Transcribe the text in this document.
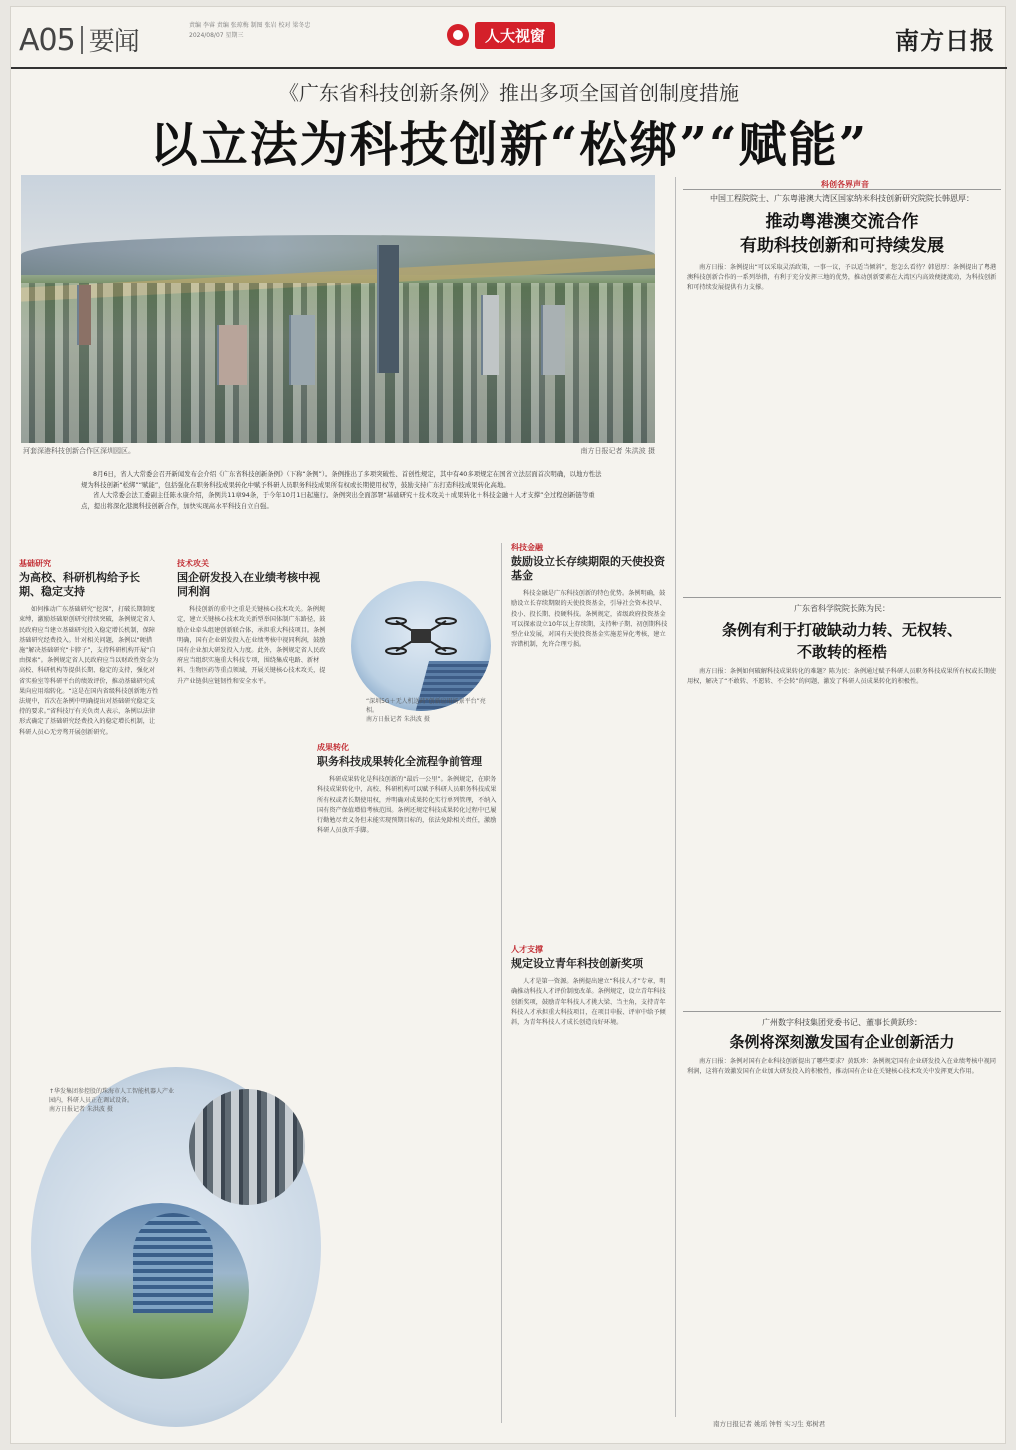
A05 要闻
责编 李睿 责编 张琼梅 制图 张岩 校对 梁冬忠
2024/08/07 星期三	人大视窗	南方日报
《广东省科技创新条例》推出多项全国首创制度措施
以立法为科技创新“松绑”“赋能”
河套深港科技创新合作区深圳园区。	南方日报记者 朱洪波 摄

8月6日，省人大常委会召开新闻发布会介绍《广东省科技创新条例》（下称“条例”）。条例推出了多项突破性、首创性规定，其中有40多项规定在国省立法层面首次明确，以地方性法规为科技创新“松绑”“赋能”，包括强化在职务科技成果转化中赋予科研人员职务科技成果所有权或长期使用权等，鼓励支持广东打造科技成果转化高地。

省人大常委会法工委副主任陈永康介绍，条例共11章94条，于今年10月1日起施行。条例突出全面部署“基础研究＋技术攻关＋成果转化＋科技金融＋人才支撑”全过程创新链等重点，提出将深化港澳科技创新合作，加快实现高水平科技自立自强。

基础研究
为高校、科研机构给予长期、稳定支持

如何推动广东基础研究“挖深”，打破长期制度束缚，激励基础原创研究持续突破，条例规定省人民政府应当建立基础研究投入稳定增长机制，保障基础研究经费投入。针对相关问题，条例以“硬措施”解决基础研究“卡脖子”，支持科研机构开展“自由探索”。条例规定省人民政府应当以财政性资金为高校、科研机构等提供长期、稳定的支持，强化对省实验室等科研平台的绩效评价，推动基础研究成果向应用端转化。“这是在国内省级科技创新地方性法规中，首次在条例中明确提出对基础研究稳定支持的要求。”省科技厅有关负责人表示，条例以法律形式确定了基础研究经费投入的稳定增长机制，让科研人员心无旁骛开展创新研究。

技术攻关
国企研发投入在业绩考核中视同利润

科技创新的重中之重是关键核心技术攻关。条例规定，建立关键核心技术攻关新型举国体制广东路径，鼓励企业牵头组建创新联合体，承担重大科技项目。条例明确，国有企业研发投入在业绩考核中视同利润，鼓励国有企业加大研发投入力度。此外，条例规定省人民政府应当组织实施重大科技专项，围绕集成电路、新材料、生物医药等重点领域，开展关键核心技术攻关，提升产业链供应链韧性和安全水平。

“深圳5G＋无人机送药”创新应用场景平台”亮相。
南方日报记者 朱洪波 摄
成果转化
职务科技成果转化全流程争前管理

科研成果转化是科技创新的“最后一公里”。条例规定，在职务科技成果转化中，高校、科研机构可以赋予科研人员职务科技成果所有权或者长期使用权，并明确对成果转化实行单列管理，不纳入国有资产保值增值考核范围。条例还规定科技成果转化过程中已履行勤勉尽责义务但未能实现预期目标的，依法免除相关责任，激励科研人员放开手脚。

科技金融
鼓励设立长存续期限的天使投资基金

科技金融是广东科技创新的特色优势。条例明确，鼓励设立长存续期限的天使投资基金，引导社会资本投早、投小、投长期、投硬科技。条例规定，省级政府投资基金可以探索设立10年以上存续期，支持种子期、初创期科技型企业发展，对国有天使投资基金实施差异化考核，建立容错机制，允许合理亏损。

人才支撑
规定设立青年科技创新奖项

人才是第一资源。条例提出建立“科技人才”专章，明确推动科技人才评价制度改革。条例规定，设立青年科技创新奖项，鼓励青年科技人才挑大梁、当主角，支持青年科技人才承担重大科技项目，在项目申报、评审中给予倾斜，为青年科技人才成长创造良好环境。

↑华发集团参控股的珠海市人工智能机器人产业园内，科研人员正在调试设备。
南方日报记者 朱洪波 摄
科创各界声音
中国工程院院士、广东粤港澳大湾区国家纳米科技创新研究院院长韩恩厚：
推动粤港澳交流合作
有助科技创新和可持续发展

南方日报：条例提出“可以采取灵活政策，一事一议，予以适当倾斜”，您怎么看待？韩恩厚：条例提出了粤港澳科技创新合作的一系列举措，有利于充分发挥三地的优势，推动创新要素在大湾区内高效便捷流动，为科技创新和可持续发展提供有力支撑。

广东省科学院院长陈为民：
条例有利于打破缺动力转、无权转、
不敢转的桎梏

南方日报：条例如何破解科技成果转化的难题？陈为民：条例通过赋予科研人员职务科技成果所有权或长期使用权，解决了“不敢转、不愿转、不会转”的问题，激发了科研人员成果转化的积极性。

广州数字科技集团党委书记、董事长黄跃珍：
条例将深刻激发国有企业创新活力

南方日报：条例对国有企业科技创新提出了哪些要求？黄跃珍：条例规定国有企业研发投入在业绩考核中视同利润，这将有效激发国有企业加大研发投入的积极性，推动国有企业在关键核心技术攻关中发挥更大作用。

南方日报记者 姚瑶 钟哲 实习生 郑树君
